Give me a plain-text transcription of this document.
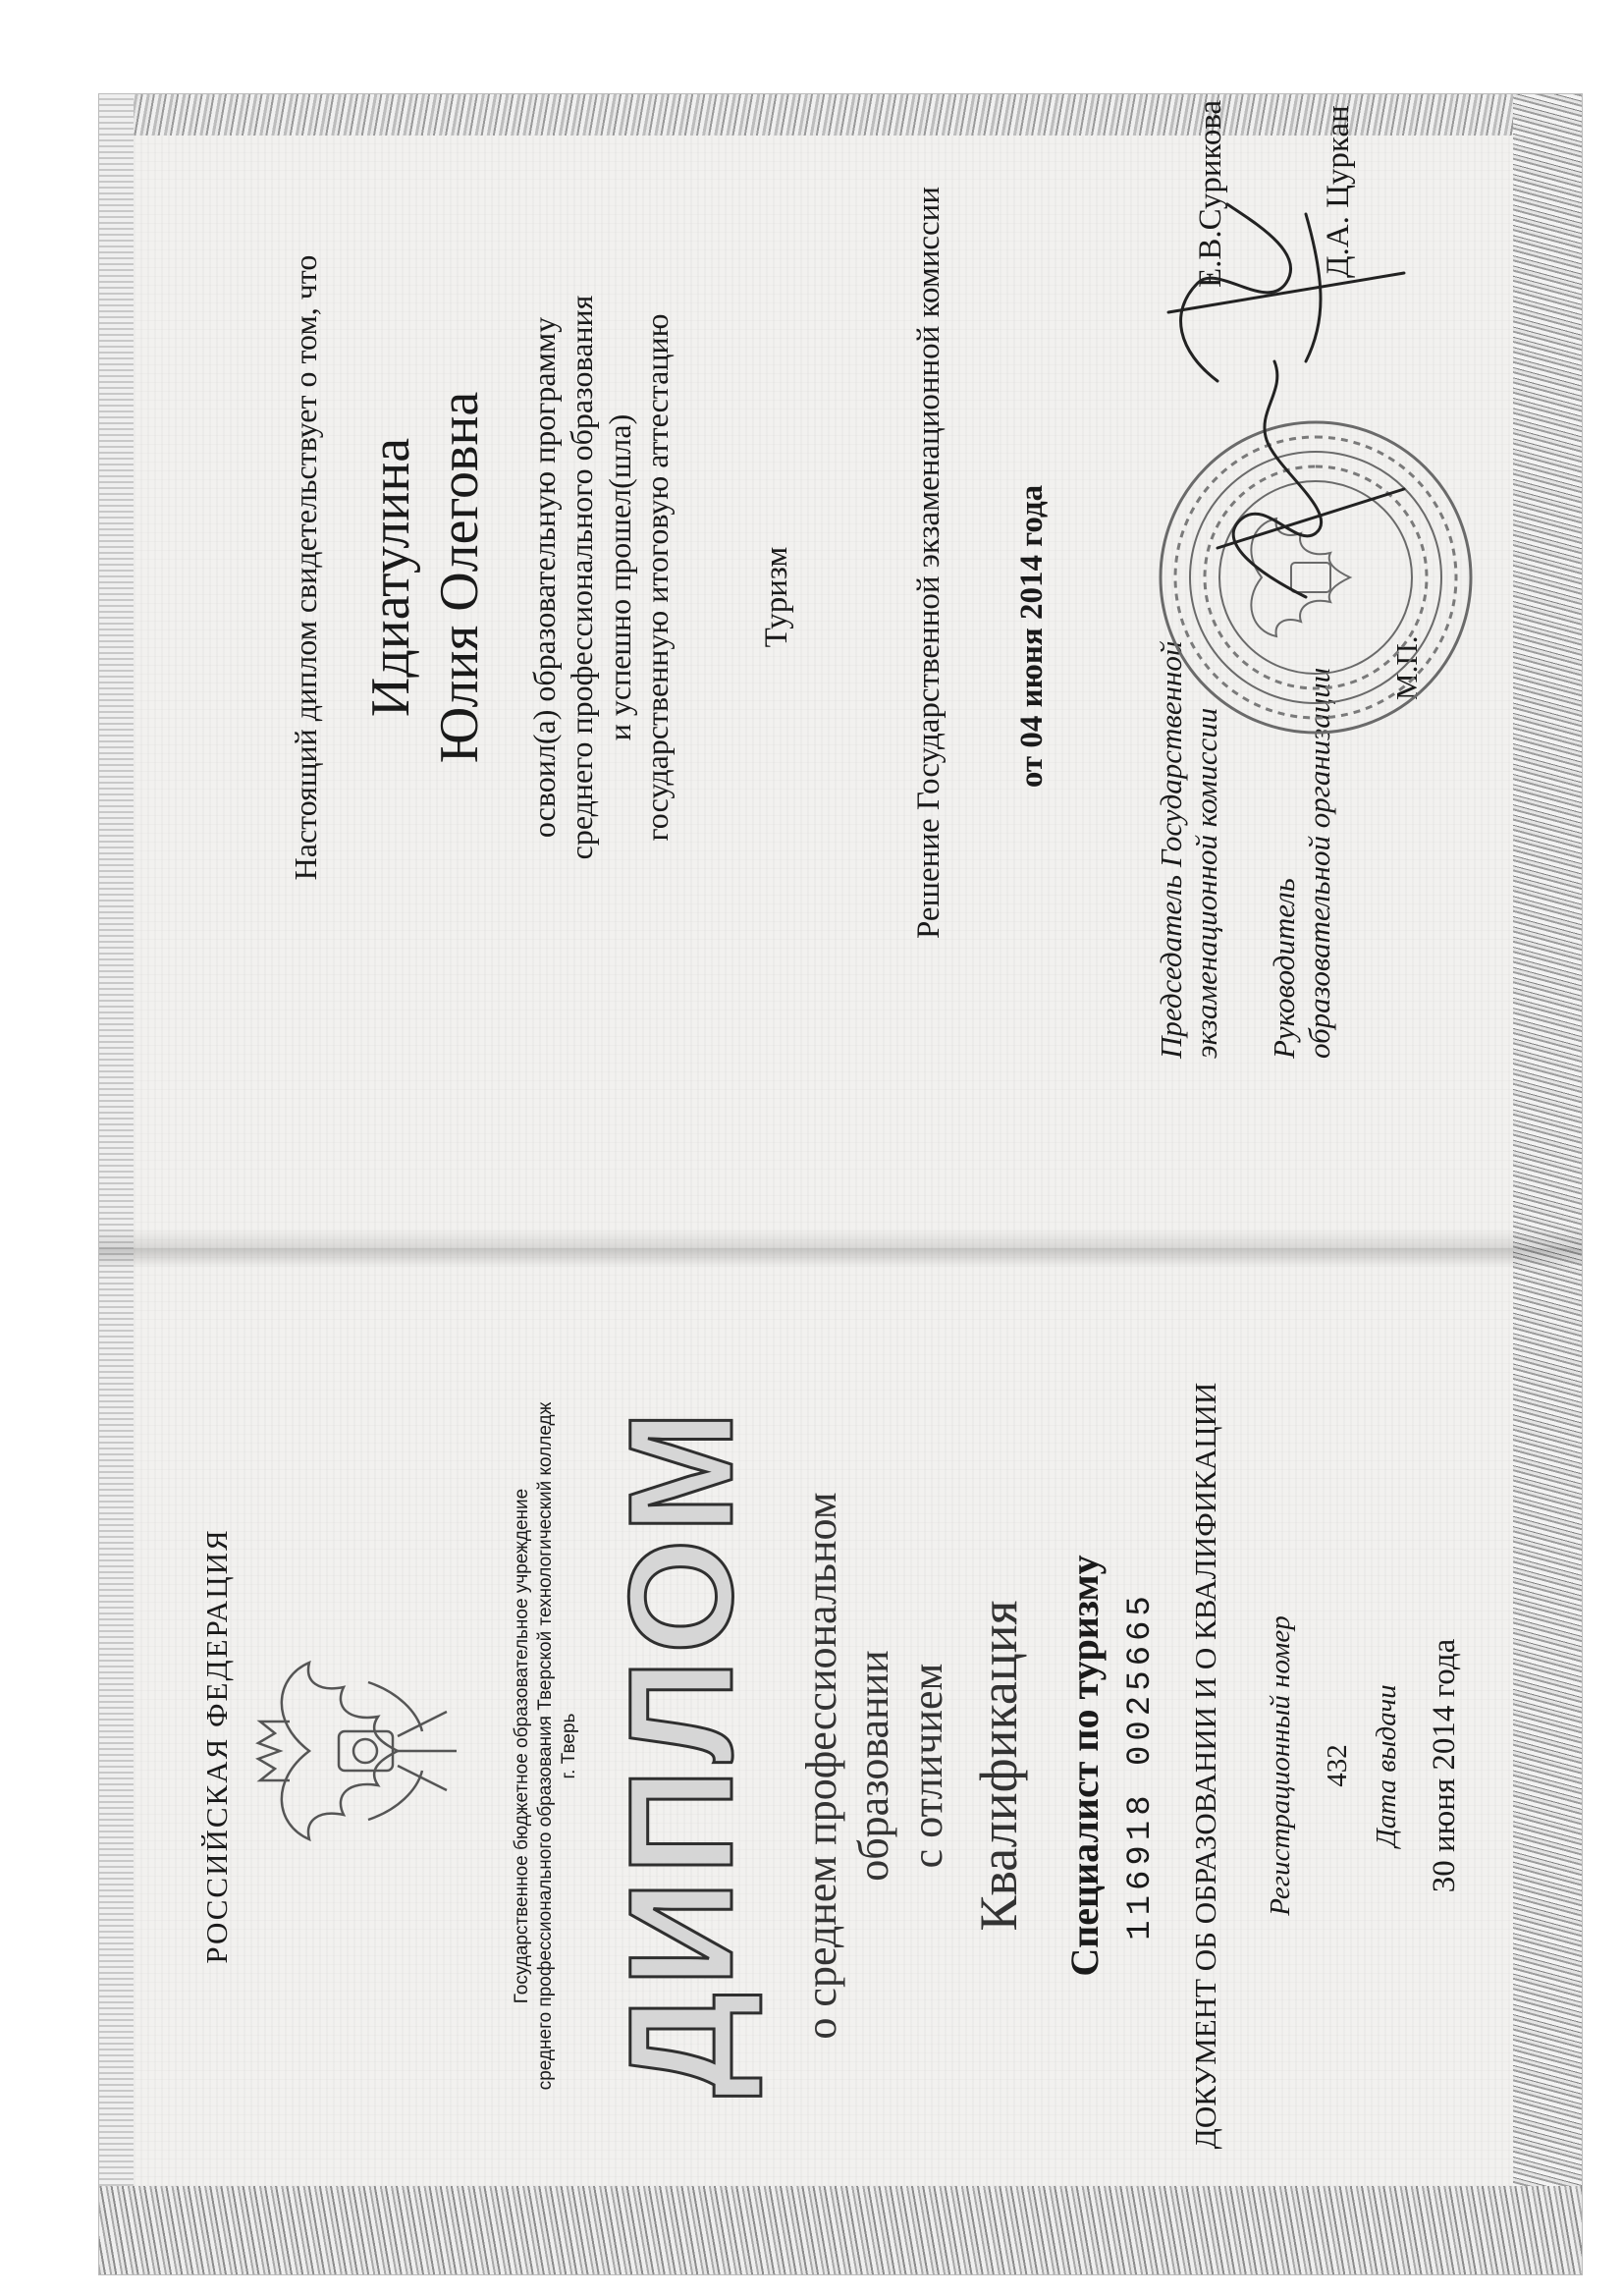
РОССИЙСКАЯ ФЕДЕРАЦИЯ	Государственное бюджетное образовательное учреждение среднего профессионального образования Тверской технологический колледж г. Тверь ДИПЛОМ о среднем профессиональном образовании с отличием Квалификация Специалист по туризму 116918 0025665 ДОКУМЕНТ ОБ ОБРАЗОВАНИИ И О КВАЛИФИКАЦИИ Регистрационный номер 432 Дата выдачи 30 июня 2014 года
Настоящий диплом свидетельствует о том, что Идиатулина Юлия Олеговна освоил(а) образовательную программу среднего профессионального образования и успешно прошел(шла) государственную итоговую аттестацию	Туризм	Решение Государственной экзаменационной комиссии от 04 июня 2014 года
Председатель Государственной экзаменационной комиссии
Е.В.Сурикова
Руководитель образовательной организации
Д.А. Цуркан
М.П.
